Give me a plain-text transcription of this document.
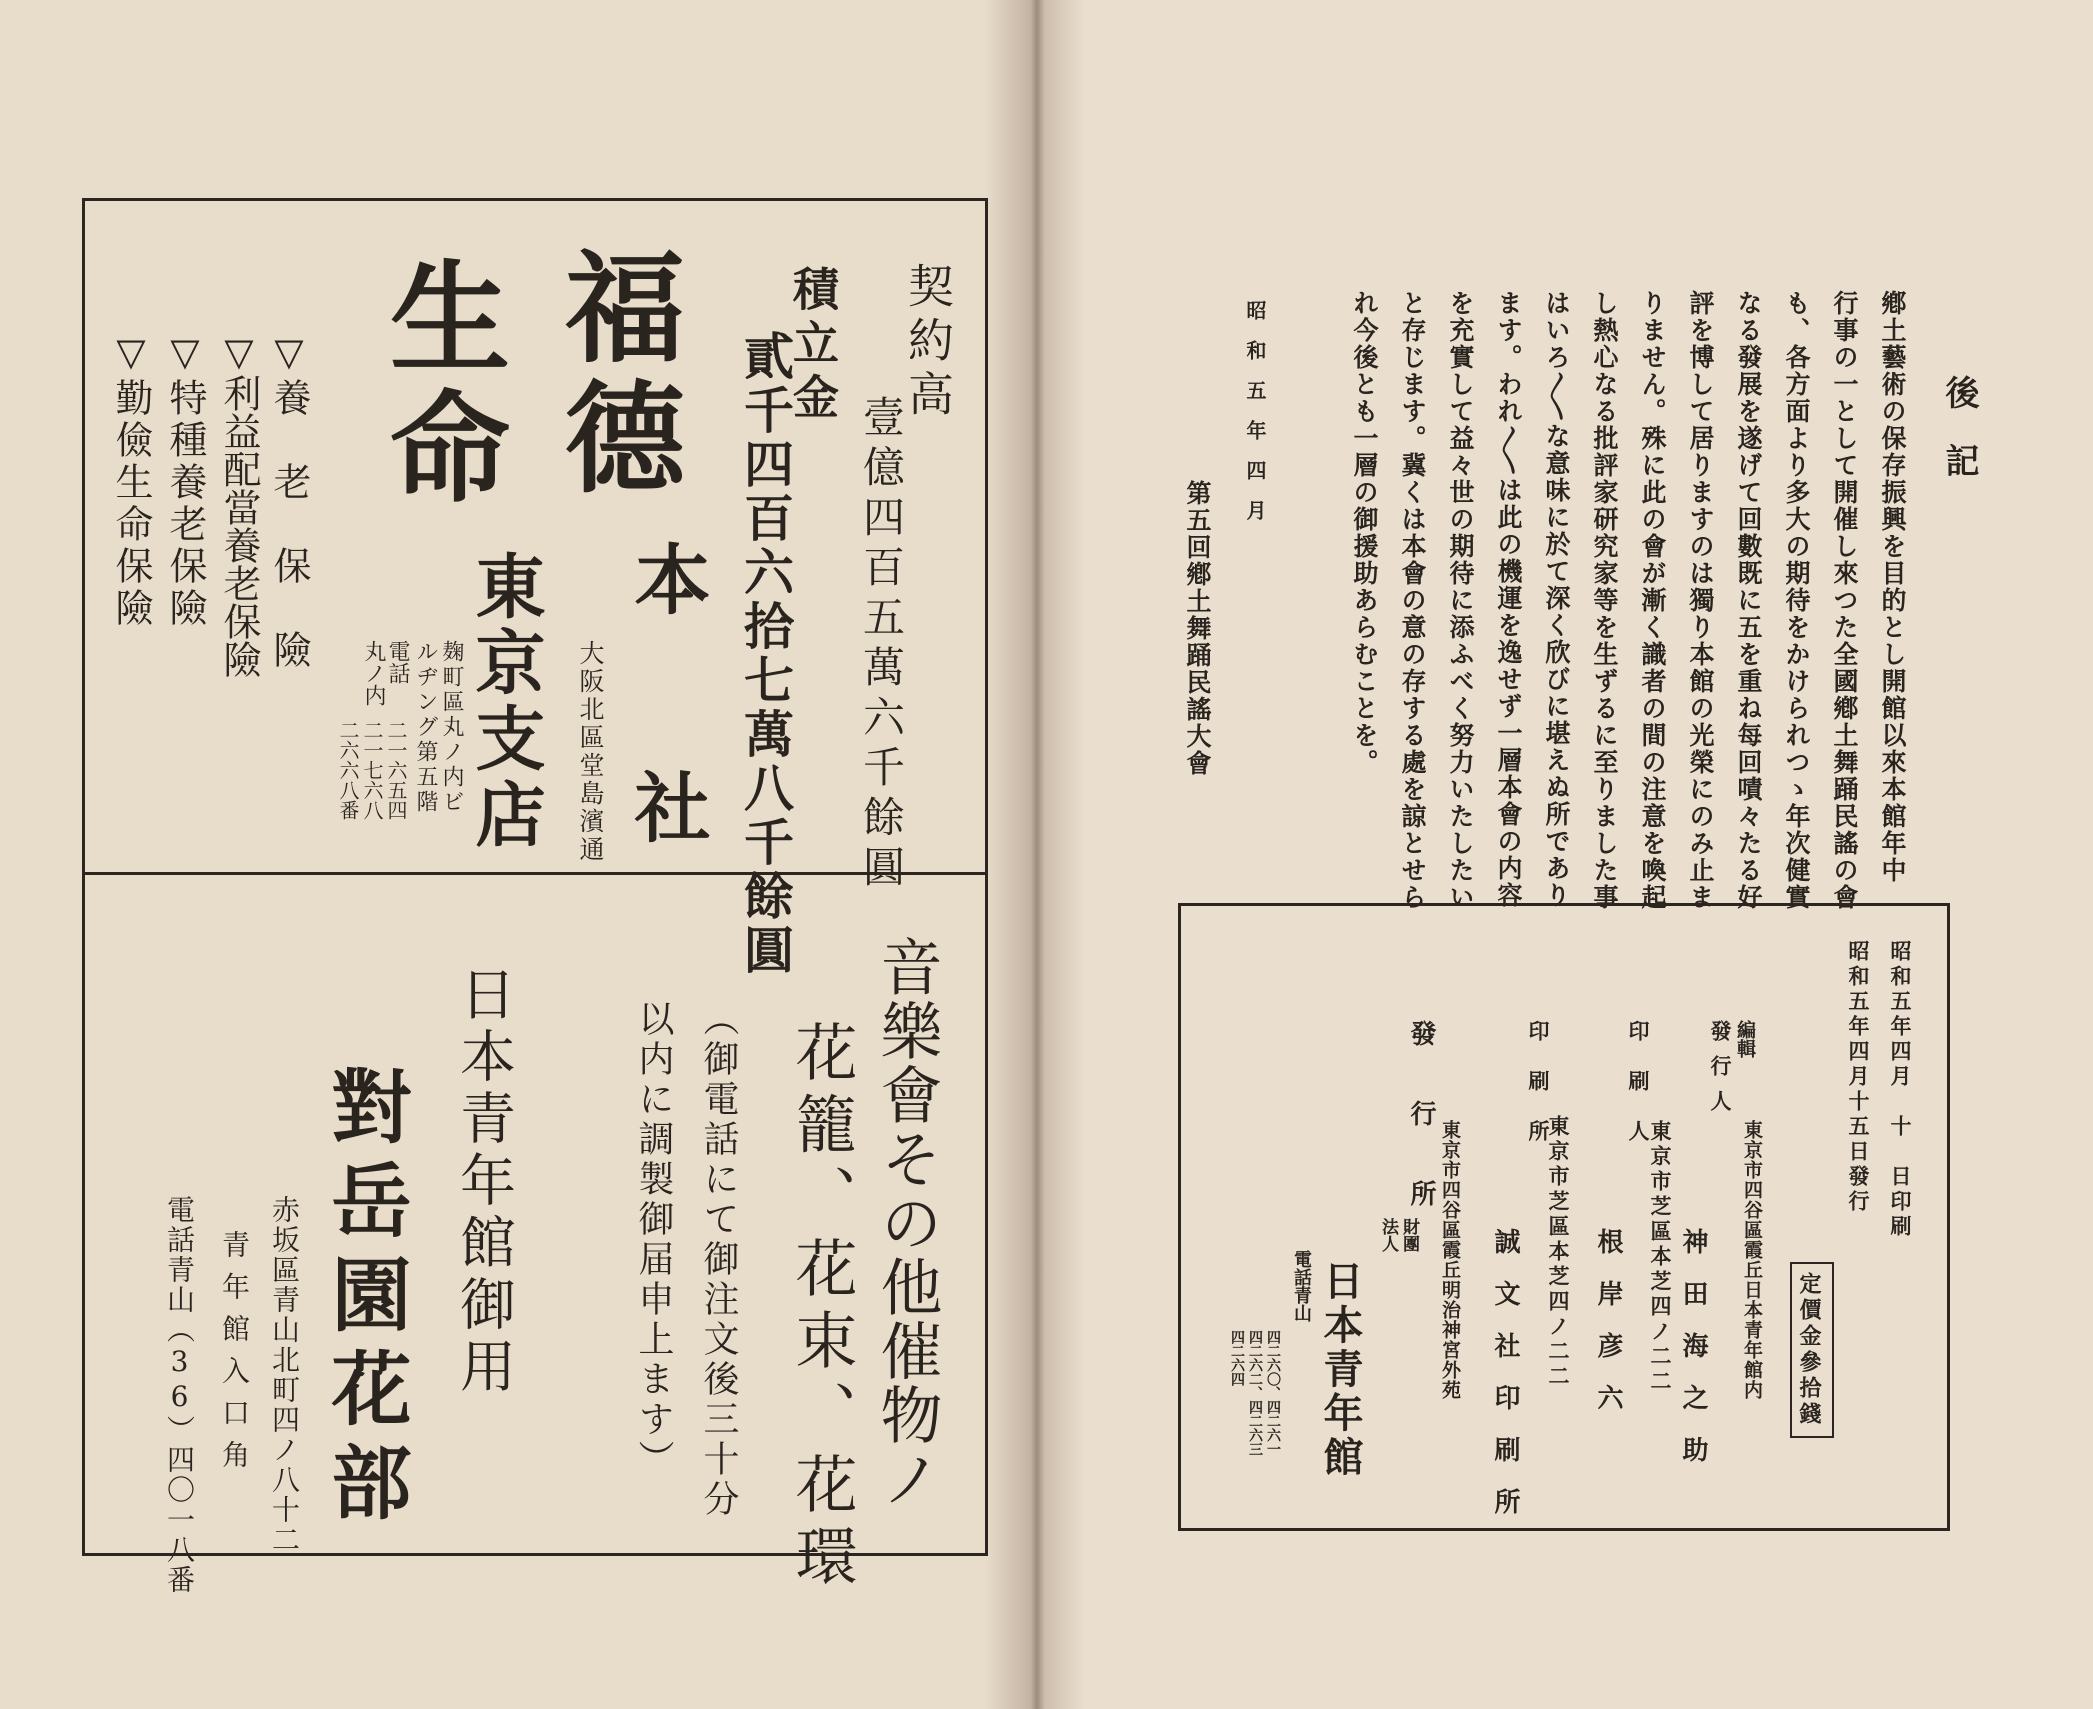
契約高
壹億四百五萬六千餘圓
積立金
貳千四百六拾七萬八千餘圓
福德
生命
本　　社
大阪北區堂島濱通
東京支店
麹町區丸ノ内ビ
ルヂング第五階
電話
丸ノ内
二一六五四
二一七六八
二六六八番
▽養　老　保　險
▽利益配當養老保險
▽特種養老保險
▽勤儉生命保險
音樂會その他催物ノ
花籠、花束、花環
（御電話にて御注文後三十分
以内に調製御届申上ます）
日本青年館御用
對岳園花部
赤坂區青山北町四ノ八十二
青年館入口角
電話青山（36）四〇一八番
後　記
鄕土藝術の保存振興を目的とし開館以來本館年中
行事の一として開催し來つた全國鄕土舞踊民謠の會
も、各方面より多大の期待をかけられつゝ年次健實
なる發展を遂げて回數既に五を重ね每回嘖々たる好
評を博して居りますのは獨り本館の光榮にのみ止ま
りません。殊に此の會が漸く識者の間の注意を喚起
し熱心なる批評家研究家等を生ずるに至りました事
はいろ〳〵な意味に於て深く欣びに堪えぬ所であり
ます。われ〳〵は此の機運を逸せず一層本會の内容
を充實して益々世の期待に添ふべく努力いたしたい
と存じます。冀くは本會の意の存する處を諒とせら
れ今後とも一層の御援助あらむことを。
昭　和　五　年　四　月
第五回鄕土舞踊民謠大會
昭和五年四月　十　日印刷
昭和五年四月十五日發行
定價金參拾錢
編輯
發行人
東京市四谷區霞丘日本青年館内
神　田　海　之　助
印　刷　人
東京市芝區本芝四ノ二二
根　岸　彦　六
印　刷　所
東京市芝區本芝四ノ二二
誠　文　社　印　刷　所
發　行　所 東京市四谷區霞丘明治神宮外苑
財團
法人
日本青年館
電話青山
四二六〇、四二六一
四二六二、四二六三
四二六四
